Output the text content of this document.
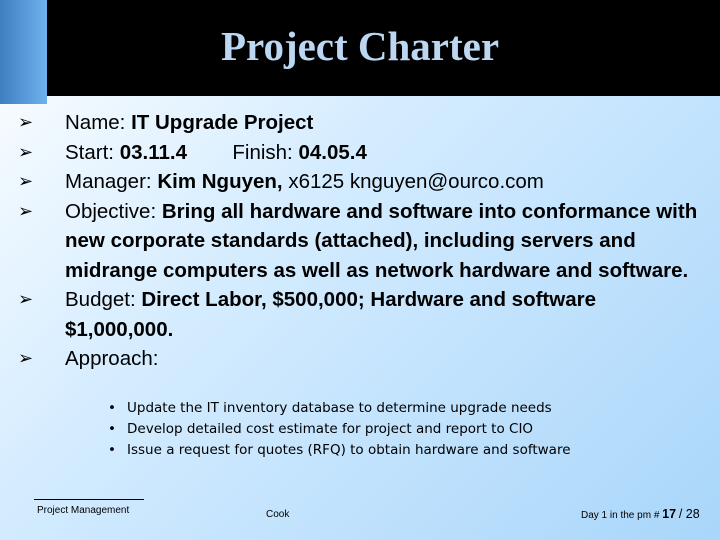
Project Charter
➢ Name: IT Upgrade Project
➢ Start: 03.11.4 Finish: 04.05.4
➢ Manager: Kim Nguyen, x6125 knguyen@ourco.com
➢ Objective: Bring all hardware and software into conformance with new corporate standards (attached), including servers and midrange computers as well as network hardware and software.
➢ Budget: Direct Labor, $500,000; Hardware and software $1,000,000.
➢ Approach:
• Update the IT inventory database to determine upgrade needs
• Develop detailed cost estimate for project and report to CIO
• Issue a request for quotes (RFQ) to obtain hardware and software
Project Management	Cook	Day 1 in the pm # 17 / 28
